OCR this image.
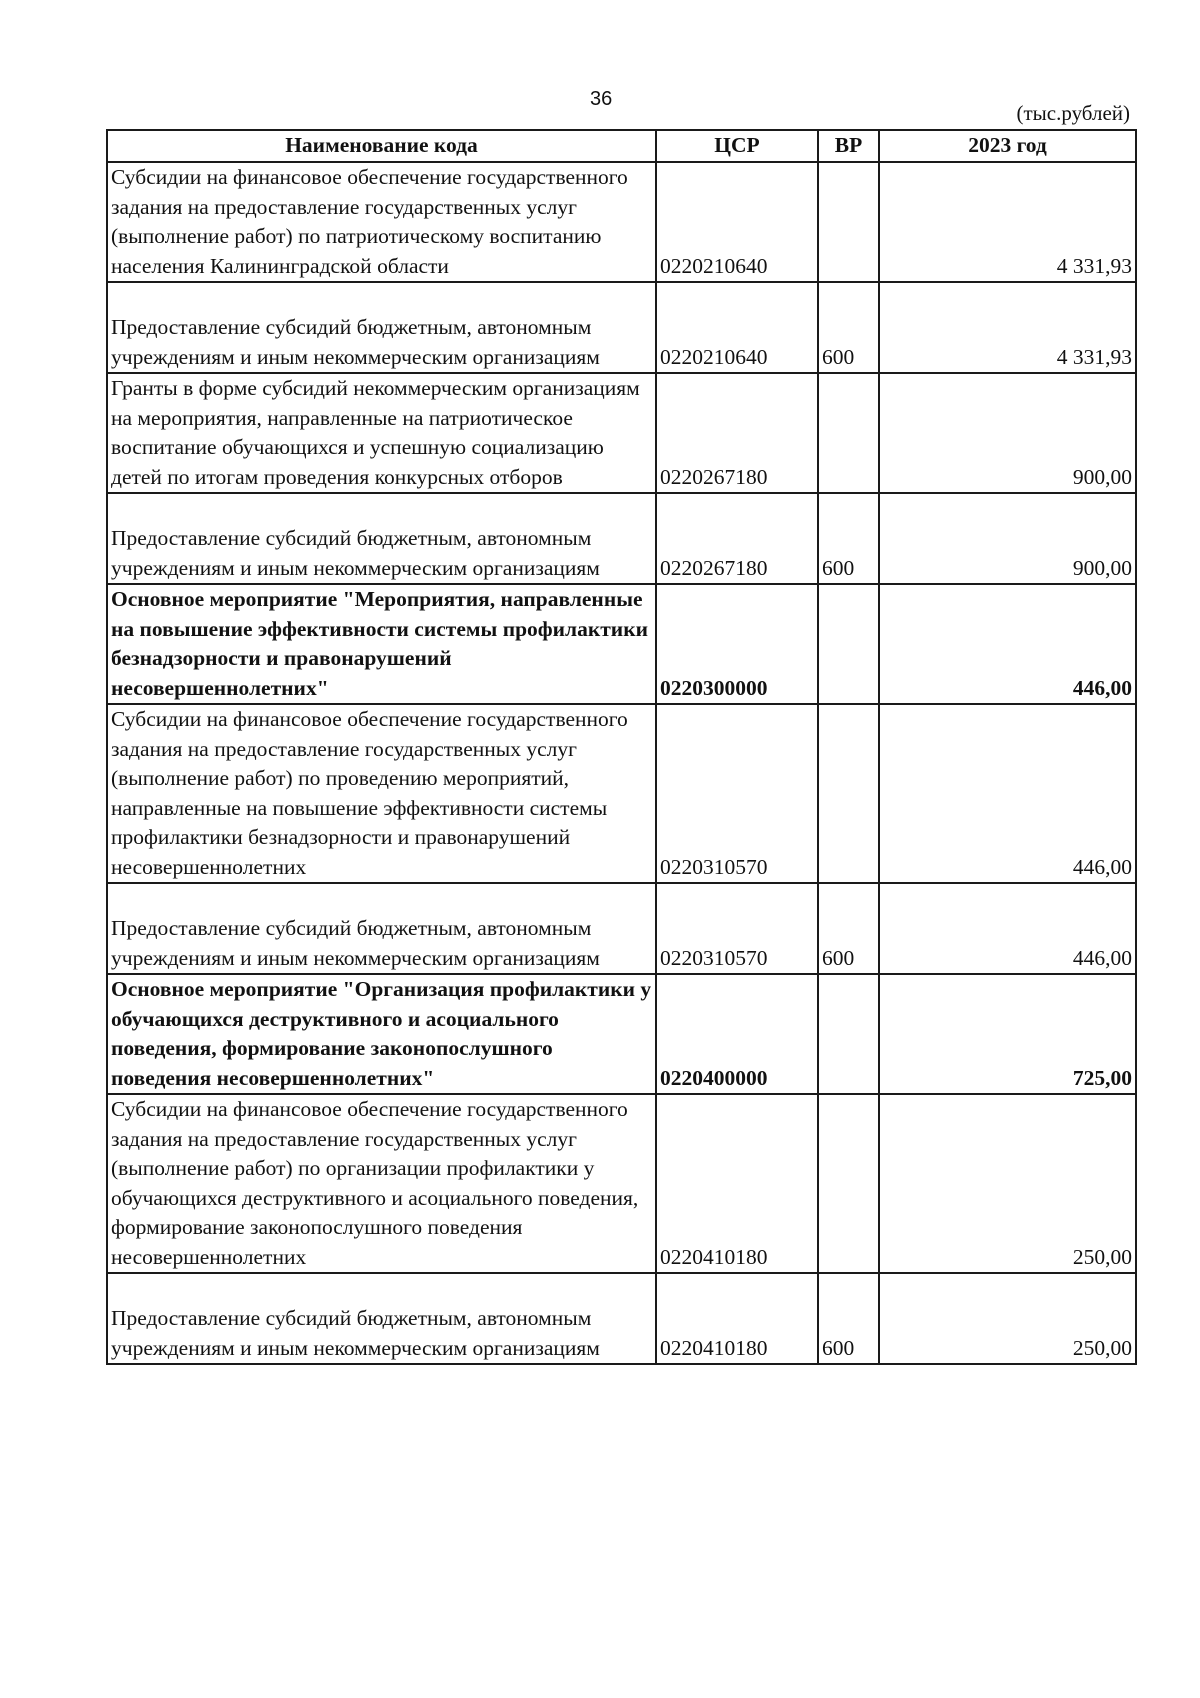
36
(тыс.рублей)
Наименование кода	ЦСР	ВР	2023 год
Субсидии на финансовое обеспечение государственного задания на предоставление государственных услуг (выполнение работ) по патриотическому воспитанию населения Калининградской области	0220210640		4 331,93
Предоставление субсидий бюджетным, автономным учреждениям и иным некоммерческим организациям	0220210640	600	4 331,93
Гранты в форме субсидий некоммерческим организациям на мероприятия, направленные на патриотическое воспитание обучающихся и успешную социализацию детей по итогам проведения конкурсных отборов	0220267180		900,00
Предоставление субсидий бюджетным, автономным учреждениям и иным некоммерческим организациям	0220267180	600	900,00
Основное мероприятие "Мероприятия, направленные на повышение эффективности системы профилактики безнадзорности и правонарушений несовершеннолетних"	0220300000		446,00
Субсидии на финансовое обеспечение государственного задания на предоставление государственных услуг (выполнение работ) по проведению мероприятий, направленные на повышение эффективности системы профилактики безнадзорности и правонарушений несовершеннолетних	0220310570		446,00
Предоставление субсидий бюджетным, автономным учреждениям и иным некоммерческим организациям	0220310570	600	446,00
Основное мероприятие "Организация профилактики у обучающихся деструктивного и асоциального поведения, формирование законопослушного поведения несовершеннолетних"	0220400000		725,00
Субсидии на финансовое обеспечение государственного задания на предоставление государственных услуг (выполнение работ) по организации профилактики у обучающихся деструктивного и асоциального поведения, формирование законопослушного поведения несовершеннолетних	0220410180		250,00
Предоставление субсидий бюджетным, автономным учреждениям и иным некоммерческим организациям	0220410180	600	250,00
